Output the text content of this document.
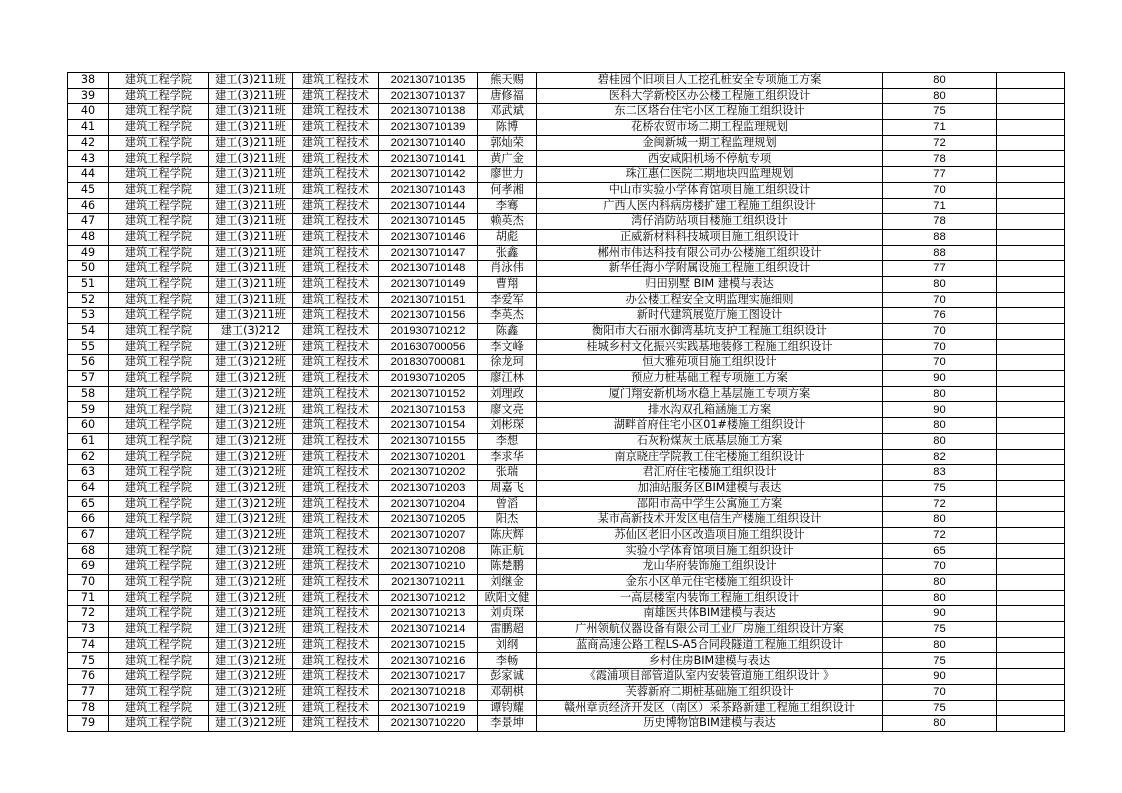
38	建筑工程学院	建工(3)211班	建筑工程技术	202130710135	熊天赐	碧桂园个旧项目人工挖孔桩安全专项施工方案	80	
39	建筑工程学院	建工(3)211班	建筑工程技术	202130710137	唐修福	医科大学新校区办公楼工程施工组织设计	80	
40	建筑工程学院	建工(3)211班	建筑工程技术	202130710138	邓武斌	东二区塔台住宅小区工程施工组织设计	75	
41	建筑工程学院	建工(3)211班	建筑工程技术	202130710139	陈博	花桥农贸市场二期工程监理规划	71	
42	建筑工程学院	建工(3)211班	建筑工程技术	202130710140	郭灿荣	金闽新城一期工程监理规划	72	
43	建筑工程学院	建工(3)211班	建筑工程技术	202130710141	黄广金	西安咸阳机场不停航专项	78	
44	建筑工程学院	建工(3)211班	建筑工程技术	202130710142	廖世力	珠江惠仁医院二期地块四监理规划	77	
45	建筑工程学院	建工(3)211班	建筑工程技术	202130710143	何孝湘	中山市实验小学体育馆项目施工组织设计	70	
46	建筑工程学院	建工(3)211班	建筑工程技术	202130710144	李骞	广西人医内科病房楼扩建工程施工组织设计	71	
47	建筑工程学院	建工(3)211班	建筑工程技术	202130710145	赖英杰	湾仔消防站项目楼施工组织设计	78	
48	建筑工程学院	建工(3)211班	建筑工程技术	202130710146	胡彪	正威新材料科技城项目施工组织设计	88	
49	建筑工程学院	建工(3)211班	建筑工程技术	202130710147	张鑫	郴州市伟达科技有限公司办公楼施工组织设计	88	
50	建筑工程学院	建工(3)211班	建筑工程技术	202130710148	肖泳伟	新华任海小学附属设施工程施工组织设计	77	
51	建筑工程学院	建工(3)211班	建筑工程技术	202130710149	曹翔	归田别墅 BIM 建模与表达	80	
52	建筑工程学院	建工(3)211班	建筑工程技术	202130710151	李爱军	办公楼工程安全文明监理实施细则	70	
53	建筑工程学院	建工(3)211班	建筑工程技术	202130710156	李英杰	新时代建筑展览厅施工图设计	76	
54	建筑工程学院	建工(3)212	建筑工程技术	201930710212	陈鑫	衡阳市大石丽水御湾基坑支护工程施工组织设计	70	
55	建筑工程学院	建工(3)212班	建筑工程技术	201630700056	李文峰	桂城乡村文化振兴实践基地装修工程施工组织设计	70	
56	建筑工程学院	建工(3)212班	建筑工程技术	201830700081	徐龙珂	恒大雅苑项目施工组织设计	70	
57	建筑工程学院	建工(3)212班	建筑工程技术	201930710205	廖江林	预应力桩基础工程专项施工方案	90	
58	建筑工程学院	建工(3)212班	建筑工程技术	202130710152	刘理政	厦门翔安新机场水稳上基层施工专项方案	80	
59	建筑工程学院	建工(3)212班	建筑工程技术	202130710153	廖文亮	排水沟双孔箱涵施工方案	90	
60	建筑工程学院	建工(3)212班	建筑工程技术	202130710154	刘彬琛	湖畔首府住宅小区01#楼施工组织设计	80	
61	建筑工程学院	建工(3)212班	建筑工程技术	202130710155	李想	石灰粉煤灰土底基层施工方案	80	
62	建筑工程学院	建工(3)212班	建筑工程技术	202130710201	李求华	南京晓庄学院教工住宅楼施工组织设计	82	
63	建筑工程学院	建工(3)212班	建筑工程技术	202130710202	张瑞	君汇府住宅楼施工组织设计	83	
64	建筑工程学院	建工(3)212班	建筑工程技术	202130710203	周嘉飞	加油站服务区BIM建模与表达	75	
65	建筑工程学院	建工(3)212班	建筑工程技术	202130710204	曾滔	邵阳市高中学生公寓施工方案	72	
66	建筑工程学院	建工(3)212班	建筑工程技术	202130710205	阳杰	某市高新技术开发区电信生产楼施工组织设计	80	
67	建筑工程学院	建工(3)212班	建筑工程技术	202130710207	陈庆辉	苏仙区老旧小区改造项目施工组织设计	72	
68	建筑工程学院	建工(3)212班	建筑工程技术	202130710208	陈正航	实验小学体育馆项目施工组织设计	65	
69	建筑工程学院	建工(3)212班	建筑工程技术	202130710210	陈楚鹏	龙山华府装饰施工组织设计	70	
70	建筑工程学院	建工(3)212班	建筑工程技术	202130710211	刘继金	金东小区单元住宅楼施工组织设计	80	
71	建筑工程学院	建工(3)212班	建筑工程技术	202130710212	欧阳文健	一高层楼室内装饰工程施工组织设计	80	
72	建筑工程学院	建工(3)212班	建筑工程技术	202130710213	刘贞琛	南雄医共体BIM建模与表达	90	
73	建筑工程学院	建工(3)212班	建筑工程技术	202130710214	雷鹏超	广州领航仪器设备有限公司工业厂房施工组织设计方案	75	
74	建筑工程学院	建工(3)212班	建筑工程技术	202130710215	刘纲	蓝商高速公路工程LS-A5合同段隧道工程施工组织设计	80	
75	建筑工程学院	建工(3)212班	建筑工程技术	202130710216	李畅	乡村住房BIM建模与表达	75	
76	建筑工程学院	建工(3)212班	建筑工程技术	202130710217	彭家诚	《霞浦项目部管道队室内安装管道施工组织设计 》	90	
77	建筑工程学院	建工(3)212班	建筑工程技术	202130710218	邓朝棋	芙蓉新府二期桩基础施工组织设计	70	
78	建筑工程学院	建工(3)212班	建筑工程技术	202130710219	谭钧耀	赣州章贡经济开发区（南区）采茶路新建工程施工组织设计	75	
79	建筑工程学院	建工(3)212班	建筑工程技术	202130710220	李景坤	历史博物馆BIM建模与表达	80	
